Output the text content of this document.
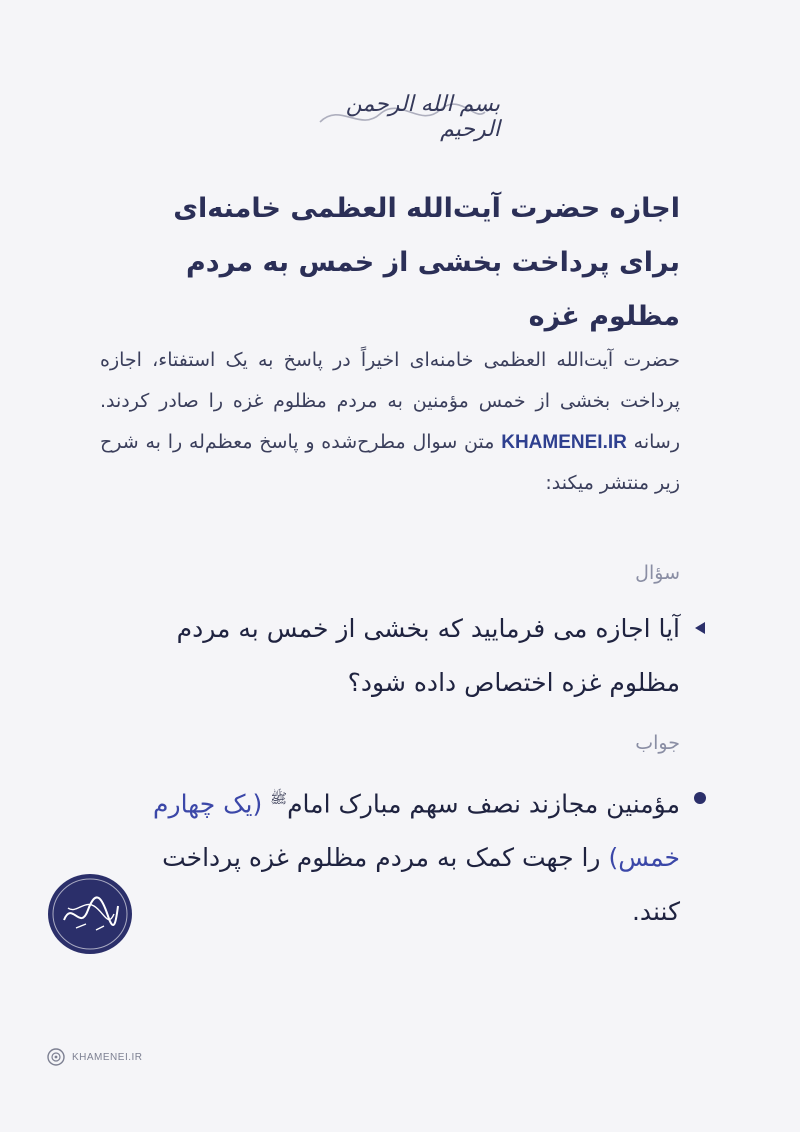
بسم الله الرحمن الرحیم
اجازه حضرت آیت‌الله العظمی خامنه‌ای
برای پرداخت بخشی از خمس به مردم مظلوم غزه
حضرت آیت‌الله العظمی خامنه‌ای اخیراً در پاسخ به یک استفتاء، اجازه پرداخت بخشی از خمس مؤمنین به مردم مظلوم غزه را صادر کردند. رسانه KHAMENEI.IR متن سوال مطرح‌شده و پاسخ معظم‌له را به شرح زیر منتشر میکند:
سؤال
آیا اجازه می فرمایید که بخشی از خمس به مردم مظلوم غزه اختصاص داده شود؟
جواب
مؤمنین مجازند نصف سهم مبارک امام$^ﷺ$ (یک چهارم خمس) را جهت کمک به مردم مظلوم غزه پرداخت کنند.
KHAMENEI.IR
